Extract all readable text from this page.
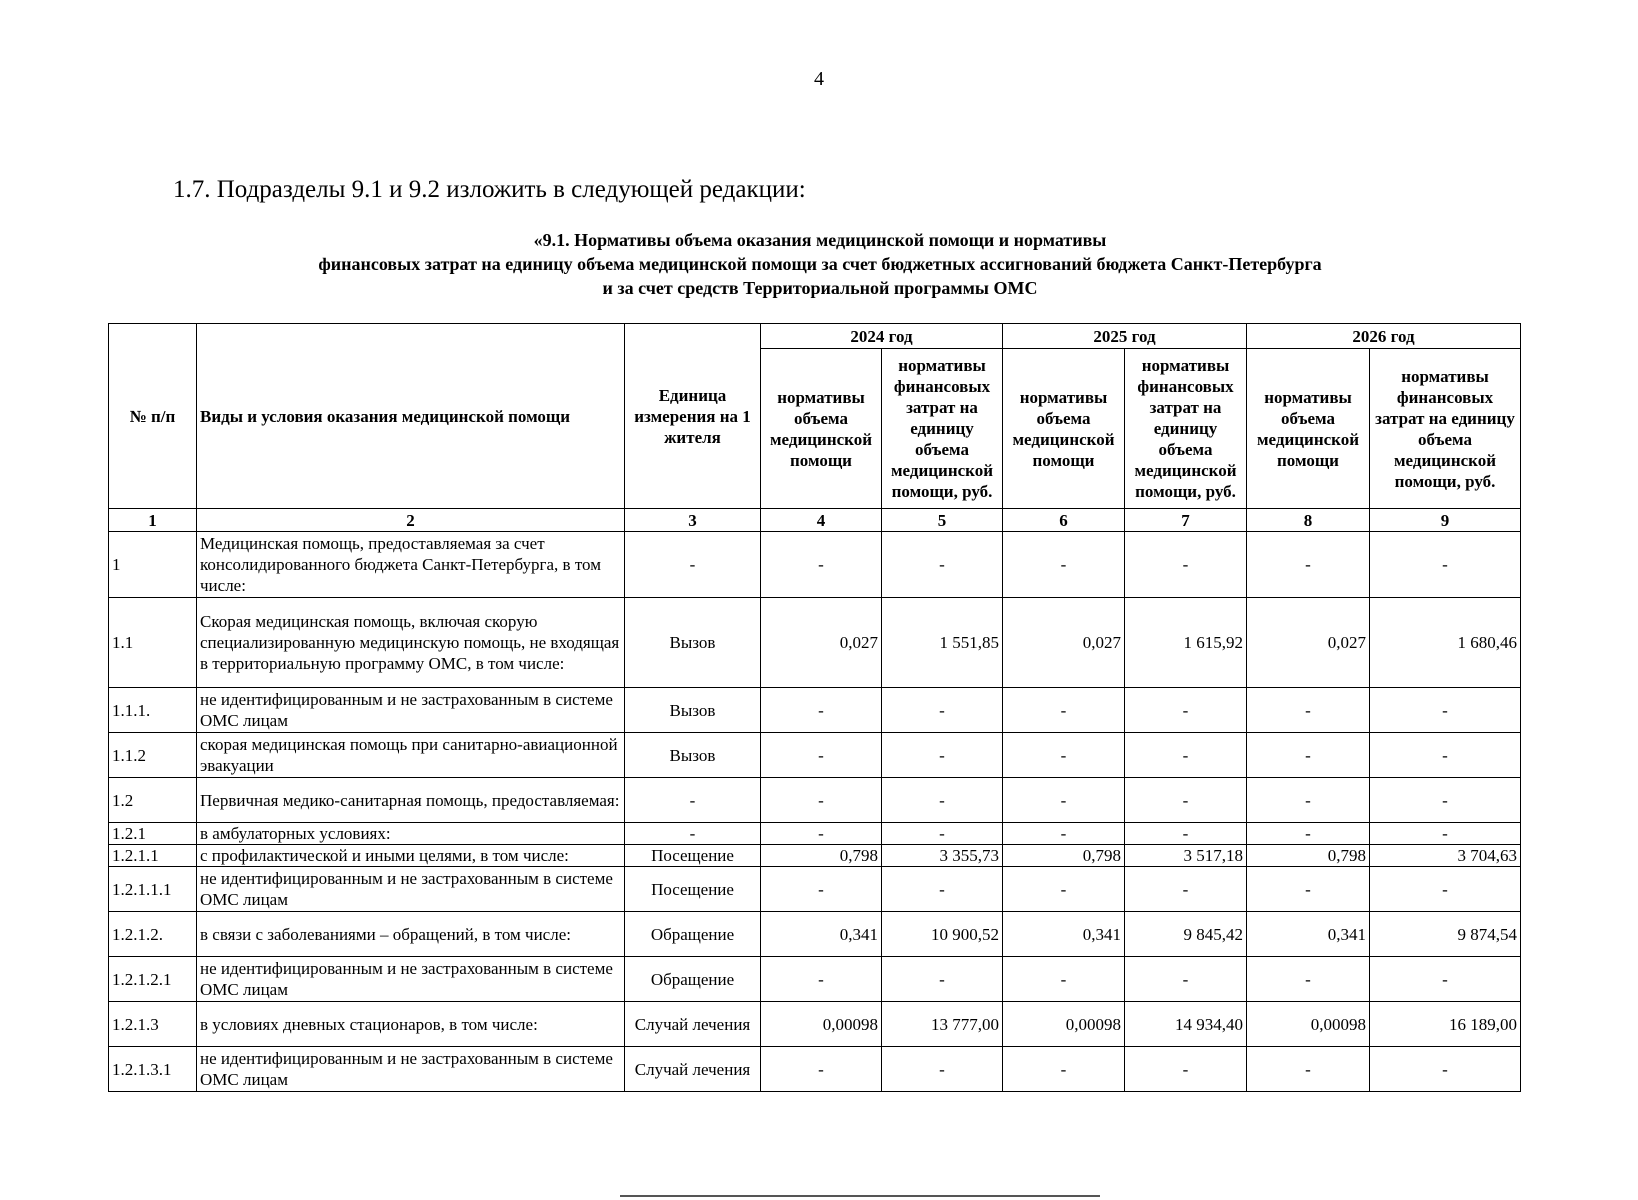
4
1.7. Подразделы 9.1 и 9.2 изложить в следующей редакции:
«9.1. Нормативы объема оказания медицинской помощи и нормативы
финансовых затрат на единицу объема медицинской помощи за счет бюджетных ассигнований бюджета Санкт-Петербурга
и за счет средств Территориальной программы ОМС
№ п/п	Виды и условия оказания медицинской помощи	Единица измерения на 1 жителя	2024 год		2025 год		2026 год	
			нормативы объема медицинской помощи	нормативы финансовых затрат на единицу объема медицинской помощи, руб.	нормативы объема медицинской помощи	нормативы финансовых затрат на единицу объема медицинской помощи, руб.	нормативы объема медицинской помощи	нормативы финансовых затрат на единицу объема медицинской помощи, руб.
1	2	3	4	5	6	7	8	9
1	Медицинская помощь, предоставляемая за счет консолидированного бюджета Санкт-Петербурга, в том числе:	-	-	-	-	-	-	-
1.1	Скорая медицинская помощь, включая скорую специализированную медицинскую помощь, не входящая в территориальную программу ОМС, в том числе:	Вызов	0,027	1 551,85	0,027	1 615,92	0,027	1 680,46
1.1.1.	не идентифицированным и не застрахованным в системе ОМС лицам	Вызов	-	-	-	-	-	-
1.1.2	скорая медицинская помощь при санитарно-авиационной эвакуации	Вызов	-	-	-	-	-	-
1.2	Первичная медико-санитарная помощь, предоставляемая:	-	-	-	-	-	-	-
1.2.1	в амбулаторных условиях:	-	-	-	-	-	-	-
1.2.1.1	с профилактической и иными целями, в том числе:	Посещение	0,798	3 355,73	0,798	3 517,18	0,798	3 704,63
1.2.1.1.1	не идентифицированным и не застрахованным в системе ОМС лицам	Посещение	-	-	-	-	-	-
1.2.1.2.	в связи с заболеваниями – обращений, в том числе:	Обращение	0,341	10 900,52	0,341	9 845,42	0,341	9 874,54
1.2.1.2.1	не идентифицированным и не застрахованным в системе ОМС лицам	Обращение	-	-	-	-	-	-
1.2.1.3	в условиях дневных стационаров, в том числе:	Случай лечения	0,00098	13 777,00	0,00098	14 934,40	0,00098	16 189,00
1.2.1.3.1	не идентифицированным и не застрахованным в системе ОМС лицам	Случай лечения	-	-	-	-	-	-
